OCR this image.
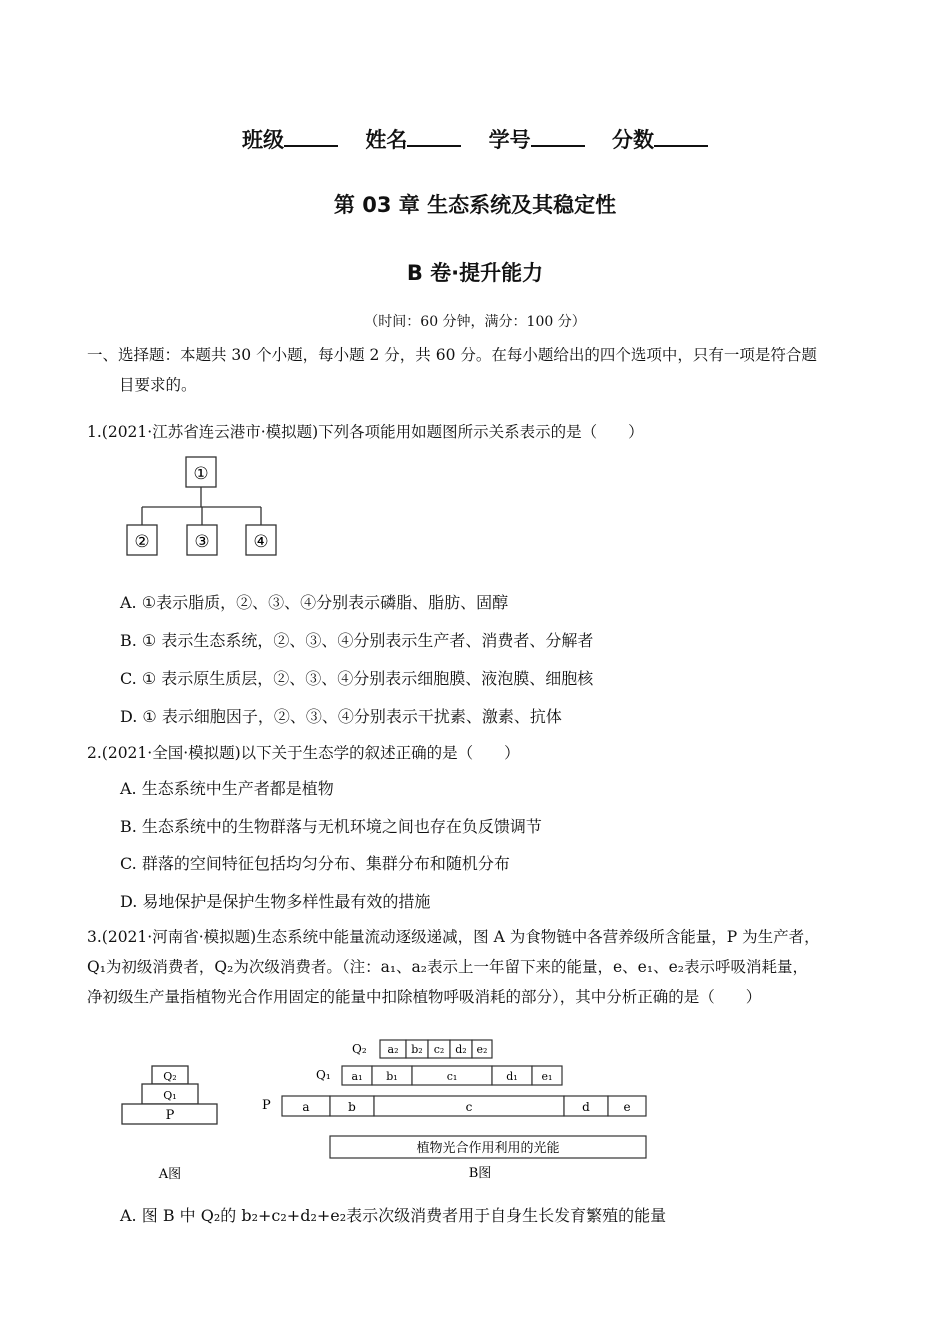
班级	姓名	学号	分数
第 03 章 生态系统及其稳定性
B 卷·提升能力
（时间：60 分钟，满分：100 分）
一、选择题：本题共 30 个小题，每小题 2 分，共 60 分。在每小题给出的四个选项中，只有一项是符合题
目要求的。
1.(2021·江苏省连云港市·模拟题)下列各项能用如题图所示关系表示的是（　　）
①
②	③	④
A. ①表示脂质，②、③、④分别表示磷脂、脂肪、固醇
B. ① 表示生态系统，②、③、④分别表示生产者、消费者、分解者
C. ① 表示原生质层，②、③、④分别表示细胞膜、液泡膜、细胞核
D. ① 表示细胞因子，②、③、④分别表示干扰素、激素、抗体
2.(2021·全国·模拟题)以下关于生态学的叙述正确的是（　　）
A. 生态系统中生产者都是植物
B. 生态系统中的生物群落与无机环境之间也存在负反馈调节
C. 群落的空间特征包括均匀分布、集群分布和随机分布
D. 易地保护是保护生物多样性最有效的措施
3.(2021·河南省·模拟题)生态系统中能量流动逐级递减，图 A 为食物链中各营养级所含能量，P 为生产者，
Q₁为初级消费者，Q₂为次级消费者。（注：a₁、a₂表示上一年留下来的能量，e、e₁、e₂表示呼吸消耗量，
净初级生产量指植物光合作用固定的能量中扣除植物呼吸消耗的部分），其中分析正确的是（　　）
Q₂
Q₁
P
A图
Q₂ a₂ b₂ c₂ d₂ e₂
Q₁ a₁ b₁	c₁	d₁ e₁
P	a	b	c	d	e
植物光合作用利用的光能
B图
A. 图 B 中 Q₂的 b₂+c₂+d₂+e₂表示次级消费者用于自身生长发育繁殖的能量
